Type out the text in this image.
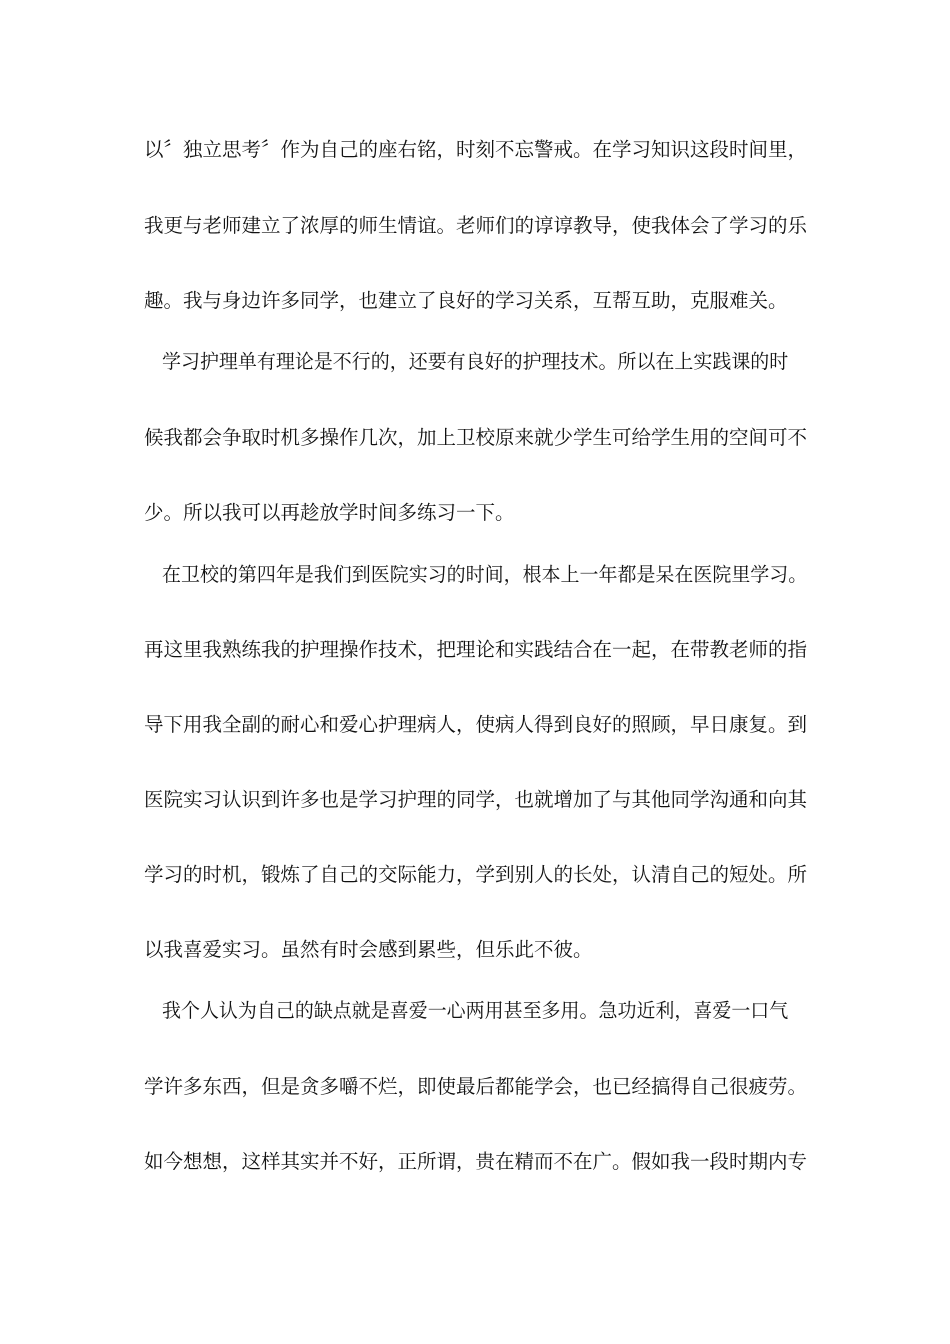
以〞独立思考〞作为自己的座右铭，时刻不忘警戒。在学习知识这段时间里，
我更与老师建立了浓厚的师生情谊。老师们的谆谆教导，使我体会了学习的乐
趣。我与身边许多同学，也建立了良好的学习关系，互帮互助，克服难关。
学习护理单有理论是不行的，还要有良好的护理技术。所以在上实践课的时
候我都会争取时机多操作几次，加上卫校原来就少学生可给学生用的空间可不
少。所以我可以再趁放学时间多练习一下。
在卫校的第四年是我们到医院实习的时间，根本上一年都是呆在医院里学习。
再这里我熟练我的护理操作技术，把理论和实践结合在一起，在带教老师的指
导下用我全副的耐心和爱心护理病人，使病人得到良好的照顾，早日康复。到
医院实习认识到许多也是学习护理的同学，也就增加了与其他同学沟通和向其
学习的时机，锻炼了自己的交际能力，学到别人的长处，认清自己的短处。所
以我喜爱实习。虽然有时会感到累些，但乐此不彼。
我个人认为自己的缺点就是喜爱一心两用甚至多用。急功近利，喜爱一口气
学许多东西，但是贪多嚼不烂，即使最后都能学会，也已经搞得自己很疲劳。
如今想想，这样其实并不好，正所谓，贵在精而不在广。假如我一段时期内专
